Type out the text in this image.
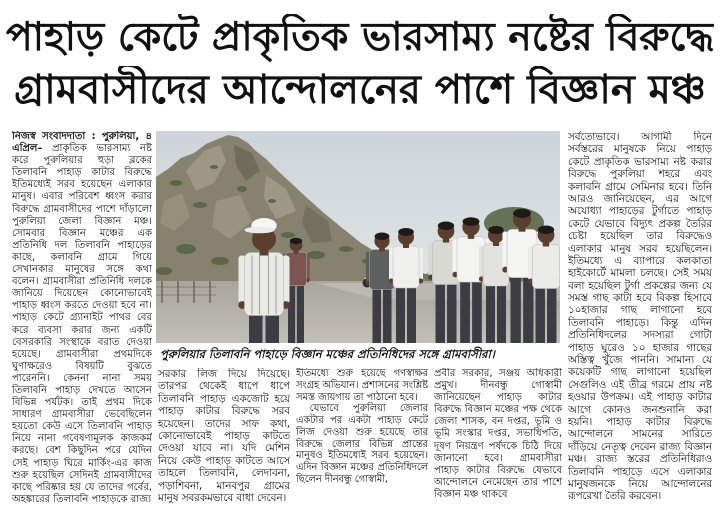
পাহাড় কেটে প্রাকৃতিক ভারসাম্য নষ্টের বিরুদ্ধে
গ্রামবাসীদের আন্দোলনের পাশে বিজ্ঞান মঞ্চ
নিজস্ব সংবাদদাতা : পুরুলিয়া, ৪ এপ্রিল– প্রাকৃতিক ভারসাম্য নষ্ট করে পুরুলিয়ার হুড়া ব্লকের তিলাবনি পাহাড় কাটার বিরুদ্ধে ইতিমধ্যেই সরব হয়েছেন এলাকার মানুষ। এবার পরিবেশ ধ্বংস করার বিরুদ্ধে গ্রামবাসীদের পাশে দাঁড়ালো পুরুলিয়া জেলা বিজ্ঞান মঞ্চ। সোমবার বিজ্ঞান মঞ্চের এক প্রতিনিধি দল তিলাবনি পাহাড়ের কাছে, কলাবনি গ্রামে গিয়ে সেখানকার মানুষের সঙ্গে কথা বলেন। গ্রামবাসীরা প্রতিনিধি দলকে জানিয়ে দিয়েছেন কোনোভাবেই পাহাড় ধ্বংস করতে দেওয়া হবে না। পাহাড় কেটে গ্র্যানাইট পাথর বের করে ব্যবসা করার জন্য একটি বেসরকারি সংস্থাকে বরাত দেওয়া হয়েছে। গ্রামবাসীরা প্রথমদিকে ঘুণাক্ষরেও বিষয়টি বুঝতে পারেননি। কেননা নানা সময় তিলাবনি পাহাড় দেখতে আসেন বিভিন্ন পর্যটক। তাই প্রথম দিকে সাধারণ গ্রামবাসীরা ভেবেছিলেন হয়তো কেউ এসে তিলাবনি পাহাড় নিয়ে নানা গবেষণামূলক কাজকর্ম করছে। বেশ কিছুদিন পরে যেদিন সেই পাহাড় ঘিরে মার্কিং-এর কাজ শুরু হয়েছিল সেদিনই গ্রামবাসীদের কাছে পরিষ্কার হয় যে তাদের গর্বের, অহঙ্কারের তিলাবনি পাহাড়কে রাজ্য
পুরুলিয়ার তিলাবনি পাহাড়ে বিজ্ঞান মঞ্চের প্রতিনিধিদের সঙ্গে গ্রামবাসীরা।
সরকার লিজ দিয়ে দিয়েছে। তারপর থেকেই ধাপে ধাপে তিলাবনি পাহাড় একজোট হয়ে পাহাড় কাটার বিরুদ্ধে সরব হয়েছেন। তাদের সাফ কথা, কোনোভাবেই পাহাড় কাটতে দেওয়া যাবে না। যদি মেশিন নিয়ে কেউ পাহাড় কাটতে আসে তাহলে তিলাবনি, লেদাবনা, পড়াশিবনা, মানবপুর গ্রামের মানুষ সবরকমভাবে বাধা দেবেন।

ইতিমধ্যে শুরু হয়েছে গণস্বাক্ষর সংগ্রহ অভিযান। প্রশাসনের সংশ্লিষ্ট সমস্ত জায়গায় তা পাঠানো হবে।

যেভাবে পুরুলিয়া জেলার একটার পর একটা পাহাড় কেটে লিজ দেওয়া শুরু হয়েছে তার বিরুদ্ধে জেলার বিভিন্ন প্রান্তের মানুষও ইতিমধ্যেই সরব হয়েছেন। এদিন বিজ্ঞান মঞ্চের প্রতিনিধিদলে ছিলেন দীনবন্ধু গোস্বামী,

প্রবীর সরকার, সঞ্জয় অধিকারী প্রমুখ। দীনবন্ধু গোস্বামী জানিয়েছেন পাহাড় কাটার বিরুদ্ধে বিজ্ঞান মঞ্চের পক্ষ থেকে জেলা শাসক, বন দপ্তর, ভূমি ও ভূমি সংস্কার দপ্তর, সভাধিপতি, দূষণ নিয়ন্ত্রণ পর্ষদকে চিঠি দিয়ে জানানো হবে। গ্রামবাসীরা পাহাড় কাটার বিরুদ্ধে যেভাবে আন্দোলনে নেমেছেন তার পাশে বিজ্ঞান মঞ্চ থাকবে
সর্বতোভাবে। আগামী দিনে সর্বস্তরের মানুষকে নিয়ে পাহাড় কেটে প্রাকৃতিক ভারসাম্য নষ্ট করার বিরুদ্ধে পুরুলিয়া শহরে এবং কলাবনি গ্রামে সেমিনার হবে। তিনি আরও জানিয়েছেন, এর আগে অযোধ্যা পাহাড়ের টুর্গাতে পাহাড় কেটে যেভাবে বিদ্যুৎ প্রকল্প তৈরির চেষ্টা হয়েছিল তার বিরুদ্ধেও এলাকার মানুষ সরব হয়েছিলেন। ইতিমধ্যে এ ব্যাপারে কলকাতা হাইকোর্টে মামলা চলছে। সেই সময় বলা হয়েছিল টুর্গা প্রকল্পের জন্য যে সমস্ত গাছ কাটা হবে বিকল্প হিসাবে ১০হাজার গাছ লাগানো হবে তিলাবনি পাহাড়ে। কিন্তু এদিন প্রতিনিধিদলের সদস্যরা গোটা পাহাড় ঘুরেও ১০ হাজার গাছের অস্তিত্ব খুঁজে পাননি। সামান্য যে কয়েকটি গাছ লাগানো হয়েছিল সেগুলিও এই তীব্র গরমে প্রায় নষ্ট হওয়ার উপক্রম। এই পাহাড় কাটার আগে কোনও জনশুনানি করা হয়নি। পাহাড় কাটার বিরুদ্ধে আন্দোলনে সামনের সারিতে দাঁড়িয়ে নেতৃত্ব দেবেন রাজ্য বিজ্ঞান মঞ্চ। রাজ্য স্তরের প্রতিনিধিরাও তিলাবনি পাহাড়ে এসে এলাকার মানুষজনকে নিয়ে আন্দোলনের রূপরেখা তৈরি করবেন।
